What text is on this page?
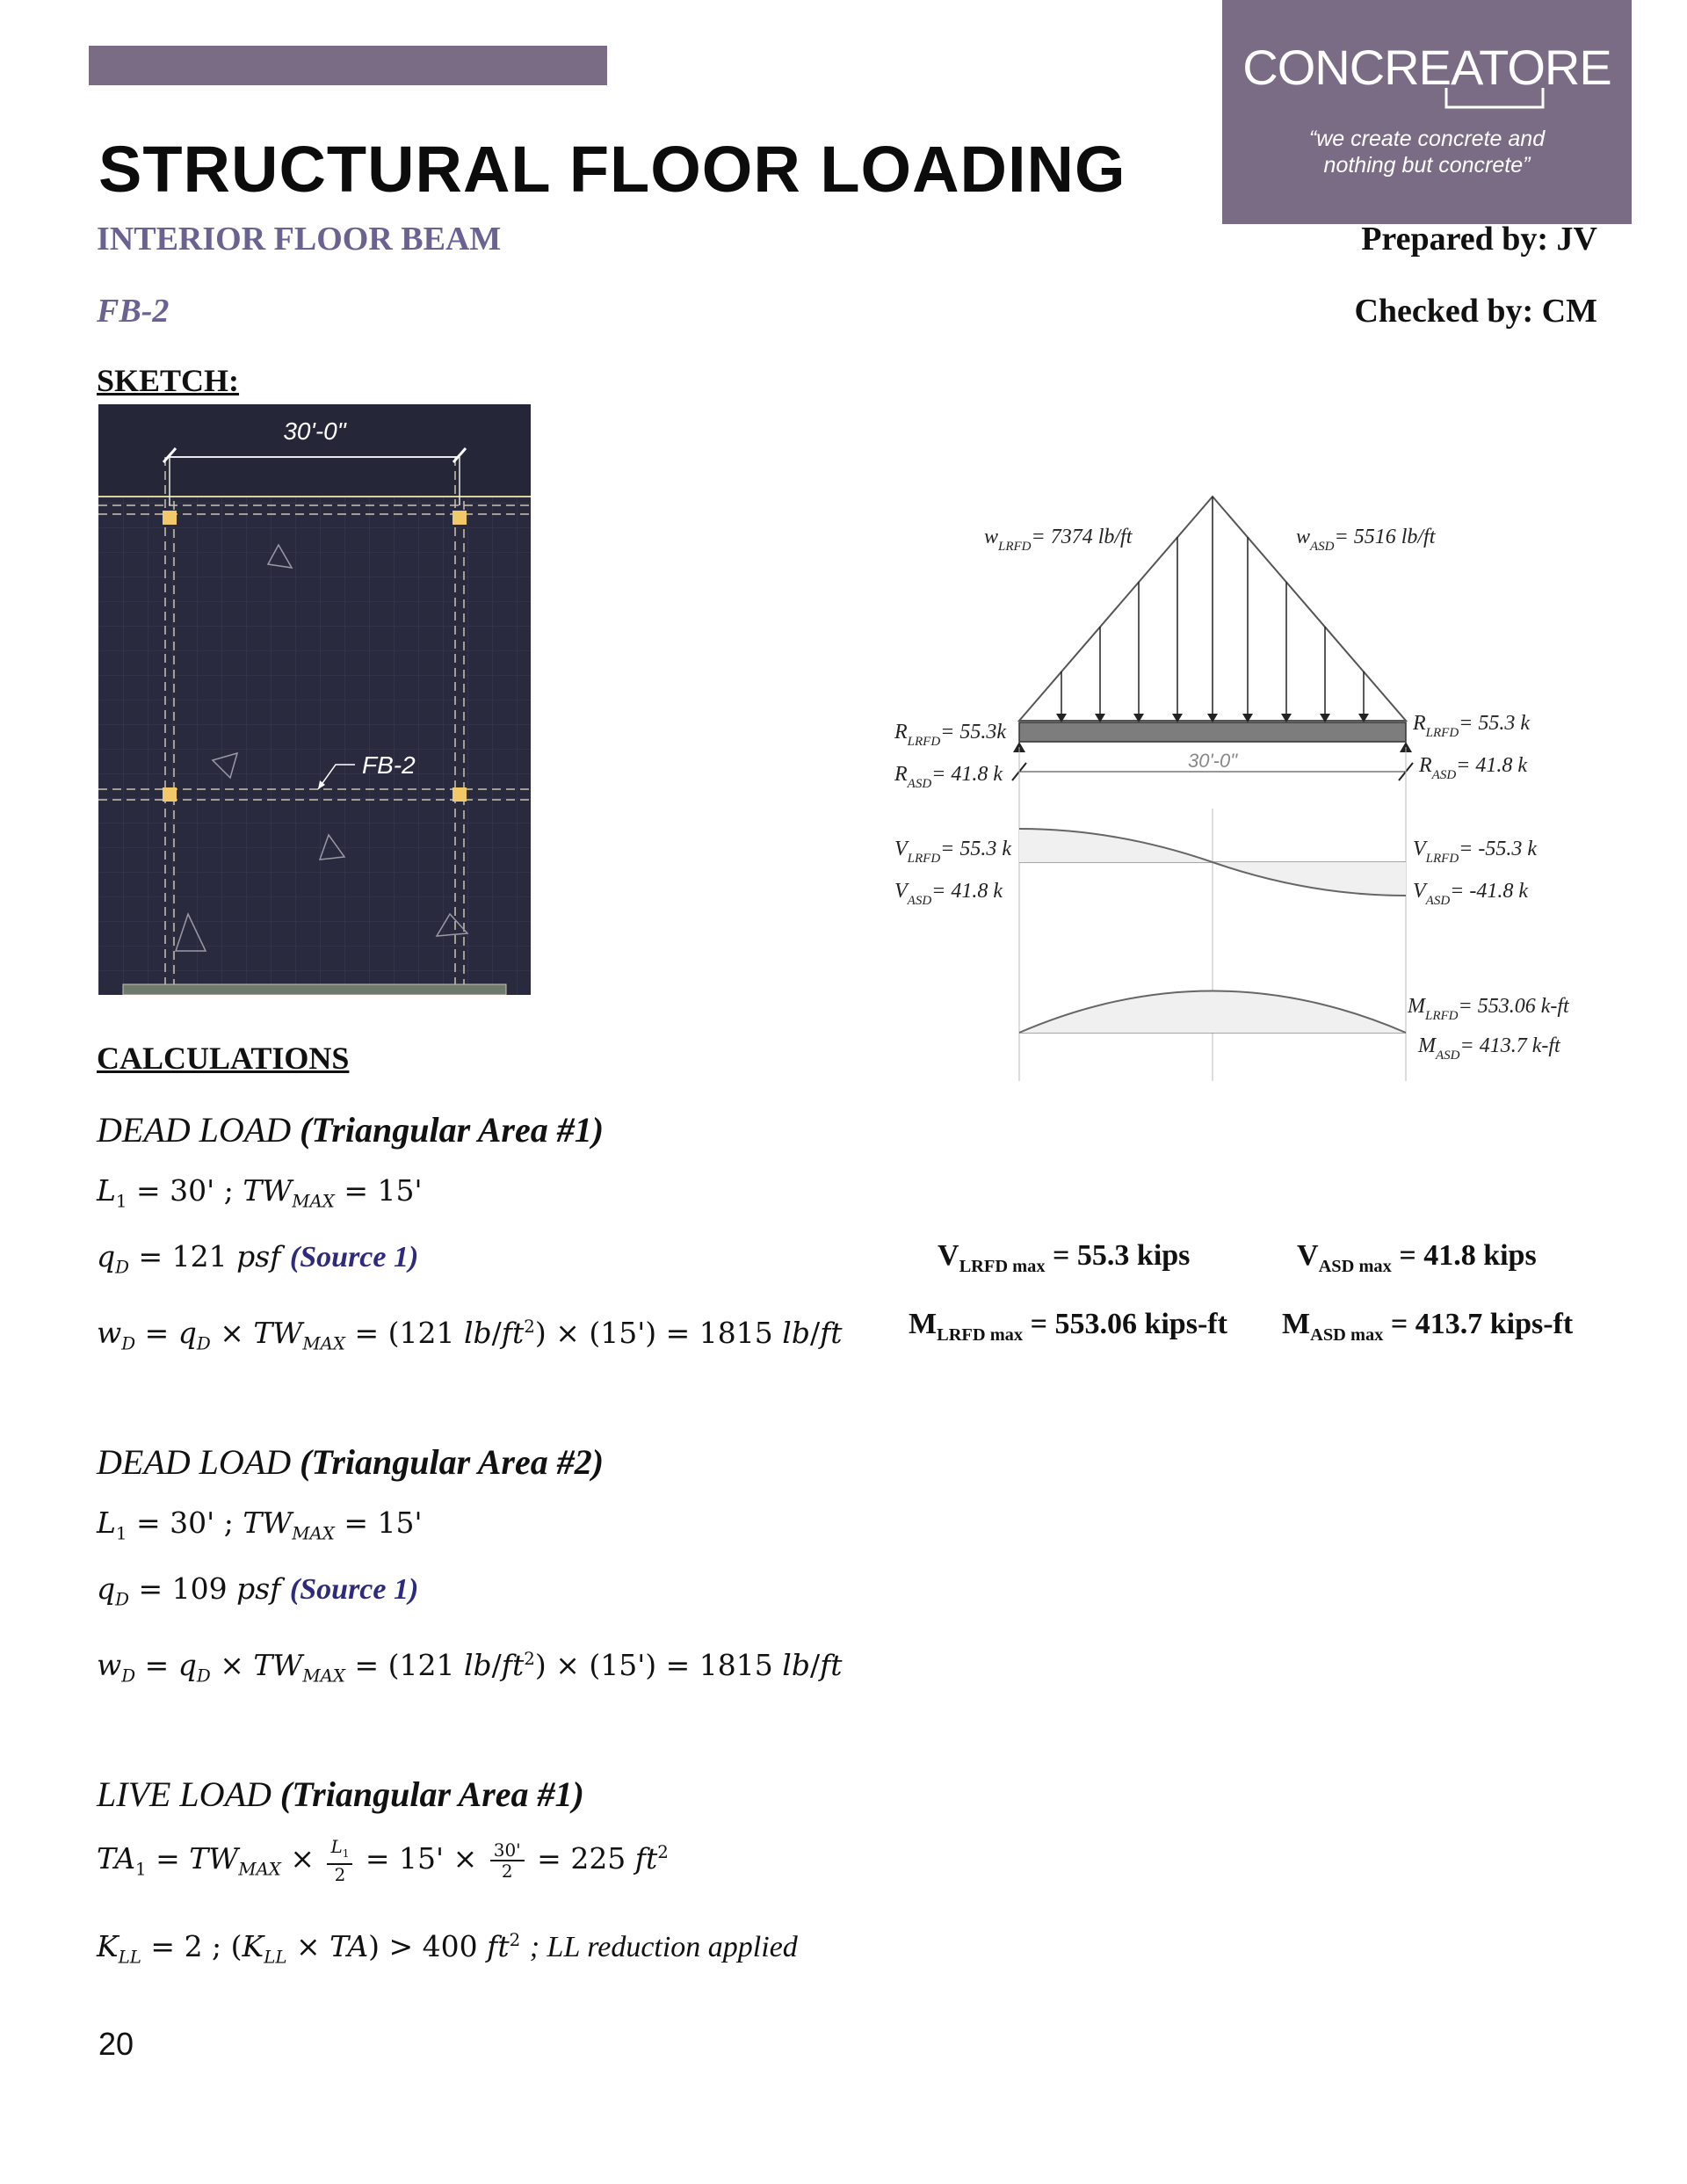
CONCREATORE
“we create concrete and
nothing but concrete”
STRUCTURAL FLOOR LOADING
INTERIOR FLOOR BEAM
FB-2
Prepared by: JV
Checked by: CM
SKETCH:
30'-0"
FB-2	30'-0"
$w_{LRFD}= 7374$ lb/ft	$w_{ASD}= 5516$ lb/ft
$R_{LRFD}= 55.3k$
$R_{ASD}= 41.8$ k
$R_{LRFD}= 55.3$ k
$R_{ASD}= 41.8$ k
$V_{LRFD}= 55.3$ k
$V_{ASD}= 41.8$ k
$V_{LRFD}= -55.3$ k
$V_{ASD}= -41.8$ k
$M_{LRFD}= 553.06$ k-ft
$M_{ASD}= 413.7$ k-ft
$V_{LRFD max} = 55.3$ kips	$V_{ASD max} = 41.8$ kips
$M_{LRFD max} = 553.06$ kips-ft $M_{ASD max} = 413.7$ kips-ft
CALCULATIONS
DEAD LOAD (Triangular Area #1)
$L_1 = 30'$ ; $TW_{MAX} = 15'$
$q_D = 121$ psf (Source 1)
$w_D = q_D \times TW_{MAX} = (121$ $lb/ft^2) \times (15') = 1815$ lb/ft
DEAD LOAD (Triangular Area #2)
$L_1 = 30'$ ; $TW_{MAX} = 15'$
$q_D = 109$ psf (Source 1)
$w_D = q_D \times TW_{MAX} = (121$ $lb/ft^2) \times (15') = 1815$ lb/ft
LIVE LOAD (Triangular Area #1)
$TA_1 = TW_{MAX} \times \frac{L_1}{2} = 15' \times \frac{30'}{2} = 225$ $ft^2$
$K_{LL} = 2$ ; $(K_{LL} \times TA) > 400$ $ft^2$ ; LL reduction applied
20
